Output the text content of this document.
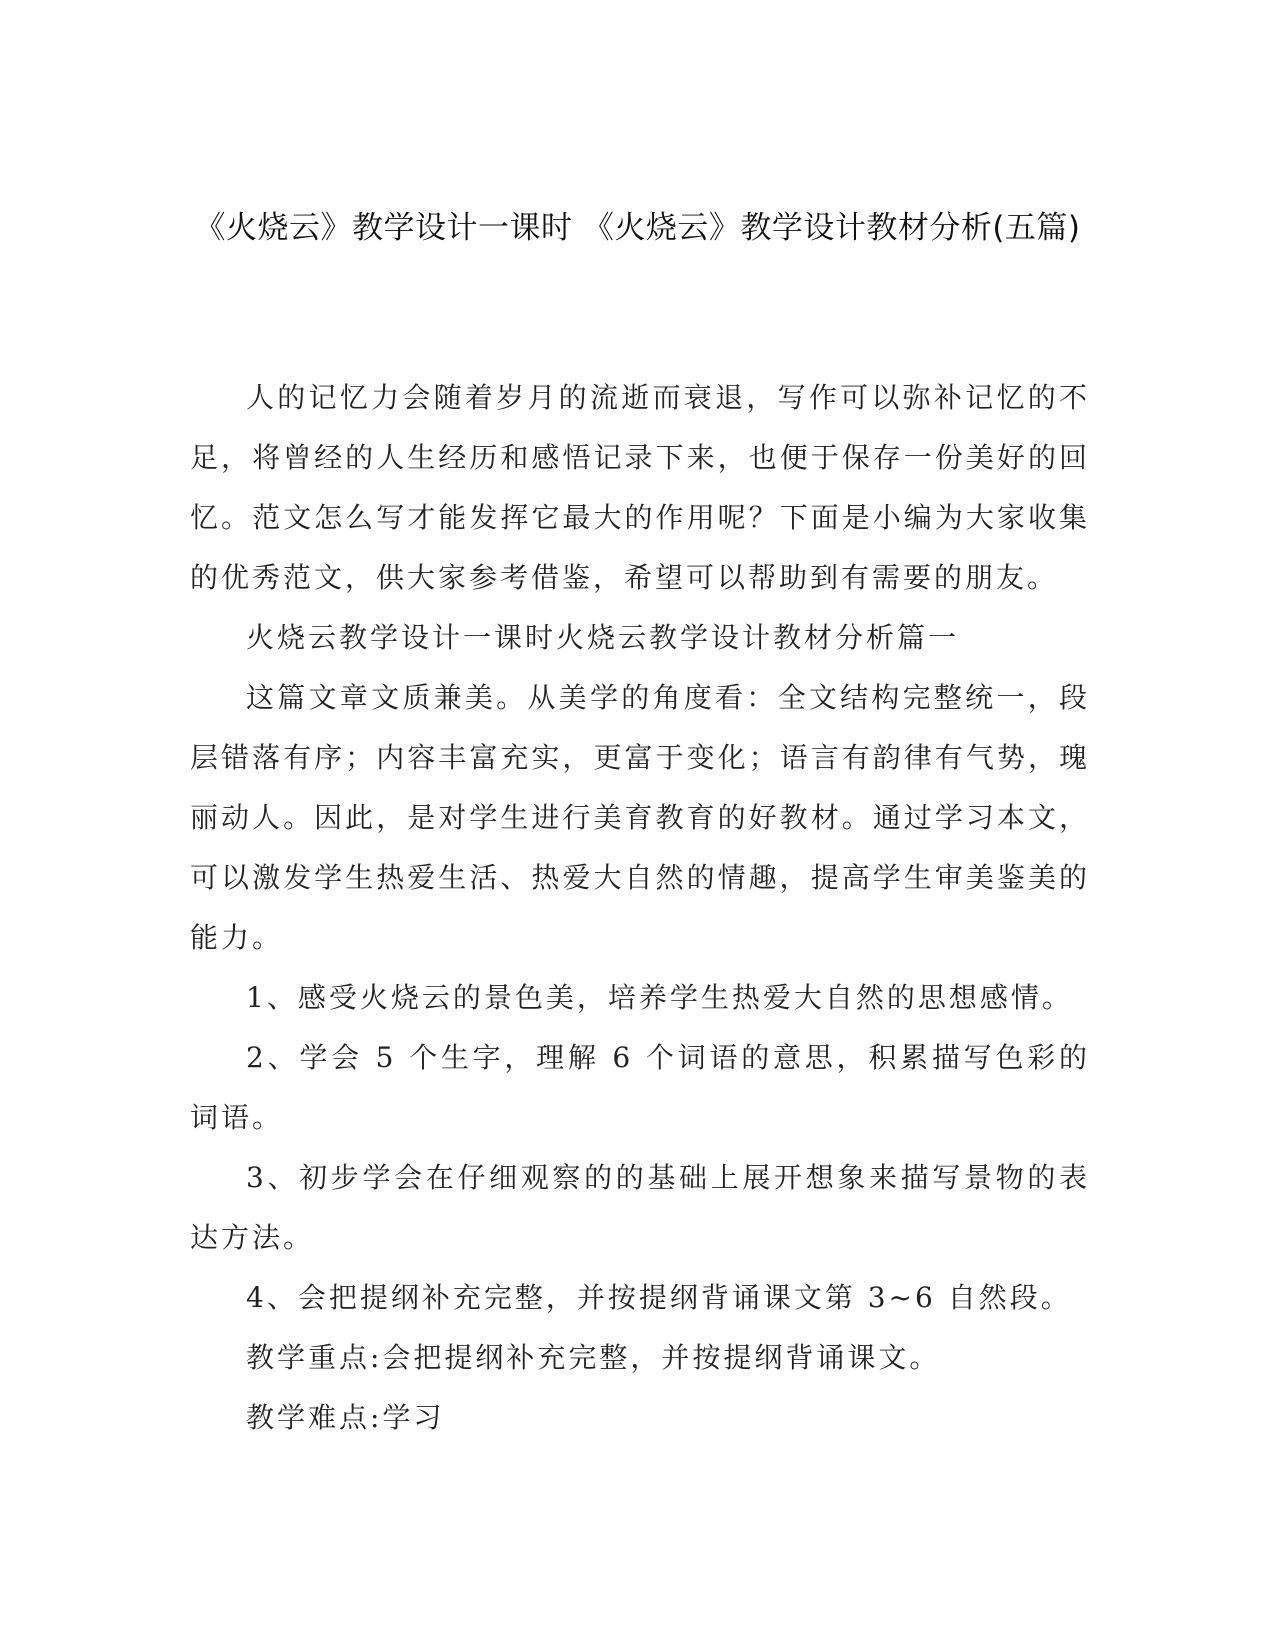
《火烧云》教学设计一课时 《火烧云》教学设计教材分析(五篇)

人的记忆力会随着岁月的流逝而衰退，写作可以弥补记忆的不足，将曾经的人生经历和感悟记录下来，也便于保存一份美好的回忆。范文怎么写才能发挥它最大的作用呢？下面是小编为大家收集的优秀范文，供大家参考借鉴，希望可以帮助到有需要的朋友。

火烧云教学设计一课时火烧云教学设计教材分析篇一

这篇文章文质兼美。从美学的角度看：全文结构完整统一，段层错落有序；内容丰富充实，更富于变化；语言有韵律有气势，瑰丽动人。因此，是对学生进行美育教育的好教材。通过学习本文，可以激发学生热爱生活、热爱大自然的情趣，提高学生审美鉴美的能力。

1、感受火烧云的景色美，培养学生热爱大自然的思想感情。

2、学会 5 个生字，理解 6 个词语的意思，积累描写色彩的词语。

3、初步学会在仔细观察的的基础上展开想象来描写景物的表达方法。

4、会把提纲补充完整，并按提纲背诵课文第 3~6 自然段。

教学重点:会把提纲补充完整，并按提纲背诵课文。

教学难点:学习
